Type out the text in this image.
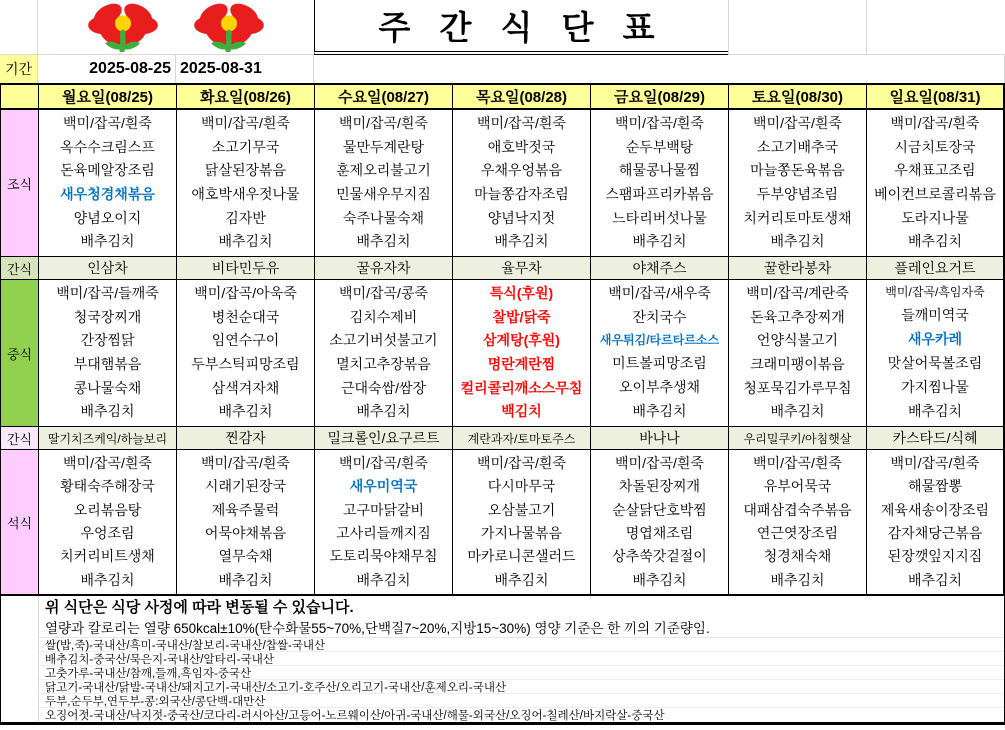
주 간 식 단 표
기간	2025-08-25 2025-08-31
조식
간식
중식
간식
석식
월요일(08/25)
백미/잡곡/흰죽
옥수수크림스프
돈육메알장조림
새우청경채볶음
양념오이지
배추김치
인삼차
백미/잡곡/들깨죽
청국장찌개
간장찜닭
부대햄볶음
콩나물숙채
배추김치
딸기치즈케익/하늘보리
백미/잡곡/흰죽
황태숙주해장국
오리볶음탕
우엉조림
치커리비트생채
배추김치
화요일(08/26)
백미/잡곡/흰죽
소고기무국
닭살된장볶음
애호박새우젓나물
김자반
배추김치
비타민두유
백미/잡곡/아욱죽
병천순대국
임연수구이
두부스틱피망조림
삼색겨자채
배추김치
찐감자
백미/잡곡/흰죽
시래기된장국
제육주물럭
어묵야채볶음
열무숙채
배추김치
수요일(08/27)
백미/잡곡/흰죽
물만두계란탕
훈제오리불고기
민물새우무지짐
숙주나물숙채
배추김치
꿀유자차
백미/잡곡/콩죽
김치수제비
소고기버섯불고기
멸치고추장볶음
근대숙쌈/쌈장
배추김치
밀크롤인/요구르트
백미/잡곡/흰죽
새우미역국
고구마닭갈비
고사리들깨지짐
도토리묵야채무침
배추김치
목요일(08/28)
백미/잡곡/흰죽
애호박젓국
우채우엉볶음
마늘쫑감자조림
양념낙지젓
배추김치
율무차
특식(후원)
찰밥/닭죽
삼계탕(후원)
명란계란찜
컬리콜리깨소스무침
백김치
계란과자/토마토주스
백미/잡곡/흰죽
다시마무국
오삼불고기
가지나물볶음
마카로니콘샐러드
배추김치
금요일(08/29)
백미/잡곡/흰죽
순두부백탕
해물콩나물찜
스팸파프리카볶음
느타리버섯나물
배추김치
야채주스
백미/잡곡/새우죽
잔치국수
새우튀김/타르타르소스
미트볼피망조림
오이부추생채
배추김치
바나나
백미/잡곡/흰죽
차돌된장찌개
순살닭단호박찜
명엽채조림
상추쑥갓겉절이
배추김치
토요일(08/30)
백미/잡곡/흰죽
소고기배추국
마늘쫑돈육볶음
두부양념조림
치커리토마토생채
배추김치
꿀한라봉차
백미/잡곡/계란죽
돈육고추장찌개
언양식불고기
크래미팽이볶음
청포묵김가루무침
배추김치
우리밀쿠키/아침햇살
백미/잡곡/흰죽
유부어묵국
대패삼겹숙주볶음
연근엿장조림
청경채숙채
배추김치
일요일(08/31)
백미/잡곡/흰죽
시금치토장국
우채표고조림
베이컨브로콜리볶음
도라지나물
배추김치
플레인요거트
백미/잡곡/흑임자죽
들깨미역국
새우카레
맛살어묵볼조림
가지찜나물
배추김치
카스타드/식혜
백미/잡곡/흰죽
해물짬뽕
제육새송이장조림
감자채당근볶음
된장깻잎지지짐
배추김치
위 식단은 식당 사정에 따라 변동될 수 있습니다.
열량과 칼로리는 열량 650kcal±10%(탄수화물55~70%,단백질7~20%,지방15~30%) 영양 기준은 한 끼의 기준량임.
쌀(밥,죽)-국내산/흑미-국내산/찰보리-국내산/찹쌀-국내산
배추김치-중국산/묵은지-국내산/알타리-국내산
고춧가루-국내산/참깨,들깨,흑임자-중국산
닭고기-국내산/닭발-국내산/돼지고기-국내산/소고기-호주산/오리고기-국내산/훈제오리-국내산
두부,순두부,연두부-콩:외국산/콩단백-대만산
오징어젓-국내산/낙지젓-중국산/코다리-러시아산/고등어-노르웨이산/아귀-국내산/해물-외국산/오징어-칠레산/바지락살-중국산
